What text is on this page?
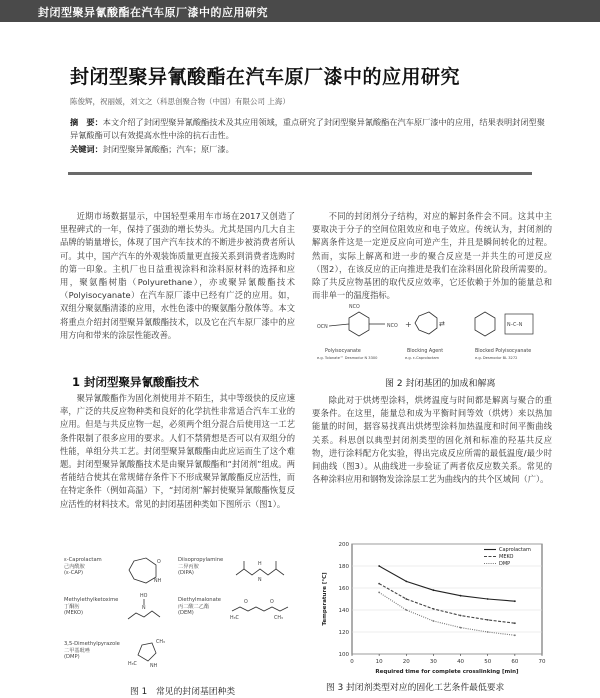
封闭型聚异氰酸酯在汽车原厂漆中的应用研究
封闭型聚异氰酸酯在汽车原厂漆中的应用研究
陈俊辉，祝丽媛，刘文之（科思创聚合物（中国）有限公司 上海）
摘　要：本文介绍了封闭型聚异氰酸酯技术及其应用领域，重点研究了封闭型聚异氰酸酯在汽车原厂漆中的应用，结果表明封闭型聚异氰酸酯可以有效提高水性中涂的抗石击性。
关键词：封闭型聚异氰酸酯；汽车；原厂漆。

近期市场数据显示，中国轻型乘用车市场在2017又创造了里程碑式的一年，保持了强劲的增长势头。尤其是国内几大自主品牌的销量增长，体现了国产汽车技术的不断进步被消费者所认可。其中，国产汽车的外观装饰质量更直接关系到消费者选购时的第一印象。主机厂也日益重视涂料和涂料原材料的选择和应用，聚氨酯树脂（Polyurethane），亦或聚异氰酸酯技术（Polyisocyanate）在汽车原厂漆中已经有广泛的应用。如，双组分聚氨酯清漆的应用，水性色漆中的聚氨酯分散体等。本文将重点介绍封闭型聚异氰酸酯技术，以及它在汽车原厂漆中的应用方向和带来的涂层性能改善。

1 封闭型聚异氰酸酯技术

聚异氰酸酯作为固化剂使用并不陌生，其中等级快的反应速率，广泛的共反应物种类和良好的化学抗性非常适合汽车工业的应用。但是与共反应物一起，必须两个组分混合后使用这一工艺条件限制了很多应用的要求。人们不禁猜想是否可以有双组分的性能，单组分共工艺。封闭型聚异氰酸酯由此应运而生了这个难题。封闭型聚异氰酸酯技术是由聚异氰酸酯和“封闭剂”组成。两者能结合使其在常规储存条件下不形成聚异氰酸酯反应活性，而在特定条件（例如高温）下，“封闭剂”解封使聚异氰酸酯恢复反应活性的材料技术。常见的封闭基团种类如下图所示（图1）。

ε-Caprolactam
己内酰胺
(ε-CAP)
O
NH
Diisopropylamine
二异丙胺
(DIPA)
H
N
Methylethylketoxime
丁酮肟
(MEKO)
HO
N
Diethylmalonate
丙二酸二乙酯
(DEM)
O	O
H₃C	CH₃
3,5-Dimethylpyrazole
二甲基吡唑
(DMP)
CH₃
H₃C	NH
图 1　常见的封闭基团种类

不同的封闭剂分子结构，对应的解封条件会不同。这其中主要取决于分子的空间位阻效应和电子效应。传统认为，封闭剂的解离条件这是一定逆反应向可逆产生，并且是瞬间转化的过程。然而，实际上解离和进一步的聚合反应是一并共生的可逆反应（图2），在该反应的正向推进是我们在涂料固化阶段所需要的。除了共反应物基团的取代反应效率，它还依赖于外加的能量总和而非单一的温度指标。

NCO
OCN	NCO +	⇄	N–C–N
Polyisocyanate
e.g. Tolonate™ Desmodur N 3300
Blocking Agent
e.g. ε-Caprolactam
Blocked Polyisocyanate
e.g. Desmodur BL 3272
图 2 封闭基团的加成和解离

除此对于烘烤型涂料，烘烤温度与时间都是解离与聚合的重要条件。在这里，能量总和成为平衡时间等效（烘烤）来以热加能量的时间，据容易找真出烘烤型涂料加热温度和时间平衡曲线关系。科思创以典型封闭剂类型的固化剂和标准的羟基共反应物，进行涂料配方化实验，得出完成反应所需的最低温度/最少时间曲线（图3）。从曲线进一步验证了两者依反应数关系。常见的各种涂料应用和钢物发涂涂层工艺为曲线内的共个区域间（广）。

100
120
140
160
180
200
0	10	20	30	40	50	60	70
Required time for complete crosslinking [min]
Temperature [°C]
Caprolactam
MEKO
DMP
图 3 封闭剂类型对应的固化工艺条件最低要求
